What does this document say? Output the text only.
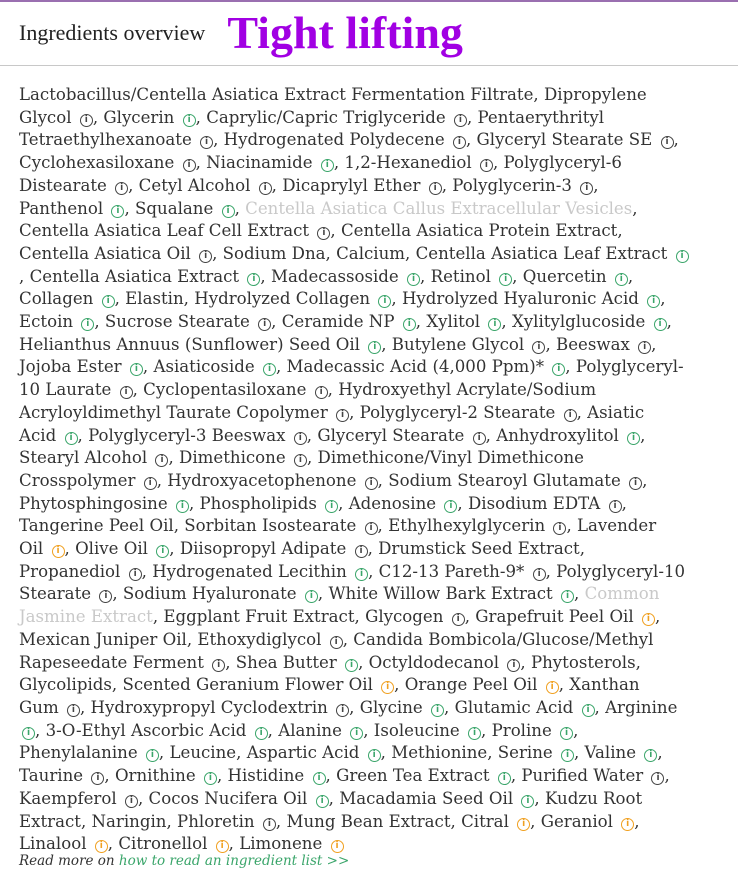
Ingredients overview Tight lifting
Lactobacillus/Centella Asiatica Extract Fermentation Filtrate, Dipropylene Glycol i , Glycerin i , Caprylic/Capric Triglyceride i , Pentaerythrityl Tetraethylhexanoate i , Hydrogenated Polydecene i , Glyceryl Stearate SE i , Cyclohexasiloxane i , Niacinamide i , 1,2-Hexanediol i , Polyglyceryl-6 Distearate i , Cetyl Alcohol i , Dicaprylyl Ether i , Polyglycerin-3 i , Panthenol i , Squalane i , Centella Asiatica Callus Extracellular Vesicles, Centella Asiatica Leaf Cell Extract i , Centella Asiatica Protein Extract, Centella Asiatica Oil i , Sodium Dna, Calcium, Centella Asiatica Leaf Extract i, Centella Asiatica Extract i , Madecassoside i , Retinol i , Quercetin i , Collagen i , Elastin, Hydrolyzed Collagen i , Hydrolyzed Hyaluronic Acid i , Ectoin i , Sucrose Stearate i , Ceramide NP i , Xylitol i , Xylitylglucoside i , Helianthus Annuus (Sunflower) Seed Oil i , Butylene Glycol i , Beeswax i , Jojoba Ester i , Asiaticoside i , Madecassic Acid (4,000 Ppm)* i , Polyglyceryl-10 Laurate i , Cyclopentasiloxane i , Hydroxyethyl Acrylate/Sodium Acryloyldimethyl Taurate Copolymer i , Polyglyceryl-2 Stearate i , Asiatic Acid i , Polyglyceryl-3 Beeswax i , Glyceryl Stearate i , Anhydroxylitol i , Stearyl Alcohol i , Dimethicone i , Dimethicone/Vinyl Dimethicone Crosspolymer i , Hydroxyacetophenone i , Sodium Stearoyl Glutamate i , Phytosphingosine i , Phospholipids i , Adenosine i , Disodium EDTA i , Tangerine Peel Oil, Sorbitan Isostearate i , Ethylhexylglycerin i , Lavender Oil i , Olive Oil i , Diisopropyl Adipate i , Drumstick Seed Extract, Propanediol i , Hydrogenated Lecithin i , C12-13 Pareth-9* i , Polyglyceryl-10 Stearate i , Sodium Hyaluronate i , White Willow Bark Extract i , Common Jasmine Extract, Eggplant Fruit Extract, Glycogen i , Grapefruit Peel Oil i , Mexican Juniper Oil, Ethoxydiglycol i , Candida Bombicola/Glucose/Methyl Rapeseedate Ferment i , Shea Butter i , Octyldodecanol i , Phytosterols, Glycolipids, Scented Geranium Flower Oil i , Orange Peel Oil i , Xanthan Gum i , Hydroxypropyl Cyclodextrin i , Glycine i , Glutamic Acid i , Arginine i , 3-O-Ethyl Ascorbic Acid i , Alanine i , Isoleucine i , Proline i , Phenylalanine i , Leucine, Aspartic Acid i , Methionine, Serine i , Valine i , Taurine i , Ornithine i , Histidine i , Green Tea Extract i , Purified Water i , Kaempferol i , Cocos Nucifera Oil i , Macadamia Seed Oil i , Kudzu Root Extract, Naringin, Phloretin i , Mung Bean Extract, Citral i , Geraniol i , Linalool i , Citronellol i , Limonene i
Read more on how to read an ingredient list >>
